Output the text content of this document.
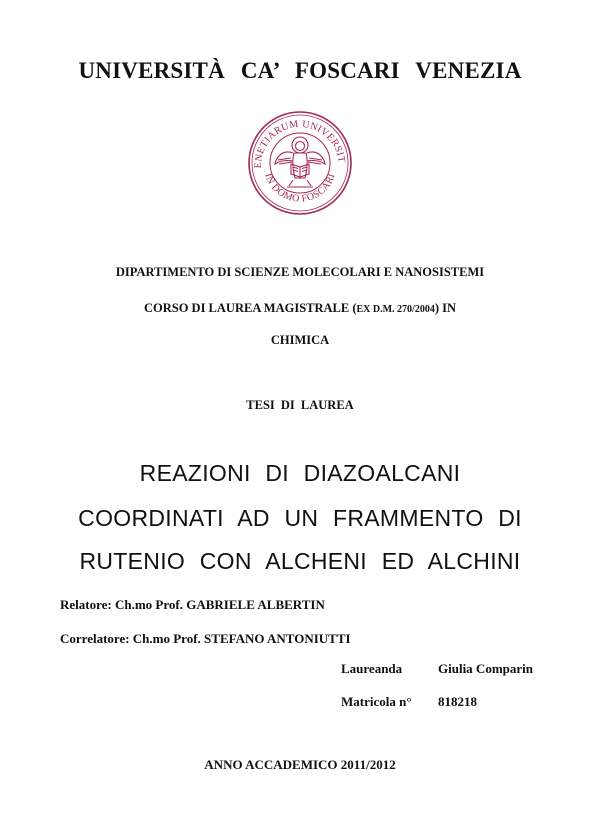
UNIVERSITÀ CA’ FOSCARI VENEZIA
ENETIARUM UNIVERSIT
IN DOMO FOSCARI
DIPARTIMENTO DI SCIENZE MOLECOLARI E NANOSISTEMI
CORSO DI LAUREA MAGISTRALE (EX D.M. 270/2004) IN
CHIMICA
TESI DI LAUREA
REAZIONI DI DIAZOALCANI
COORDINATI AD UN FRAMMENTO DI
RUTENIO CON ALCHENI ED ALCHINI
Relatore: Ch.mo Prof. GABRIELE ALBERTIN
Correlatore: Ch.mo Prof. STEFANO ANTONIUTTI
Laureanda	Giulia Comparin
Matricola n° 818218
ANNO ACCADEMICO 2011/2012
